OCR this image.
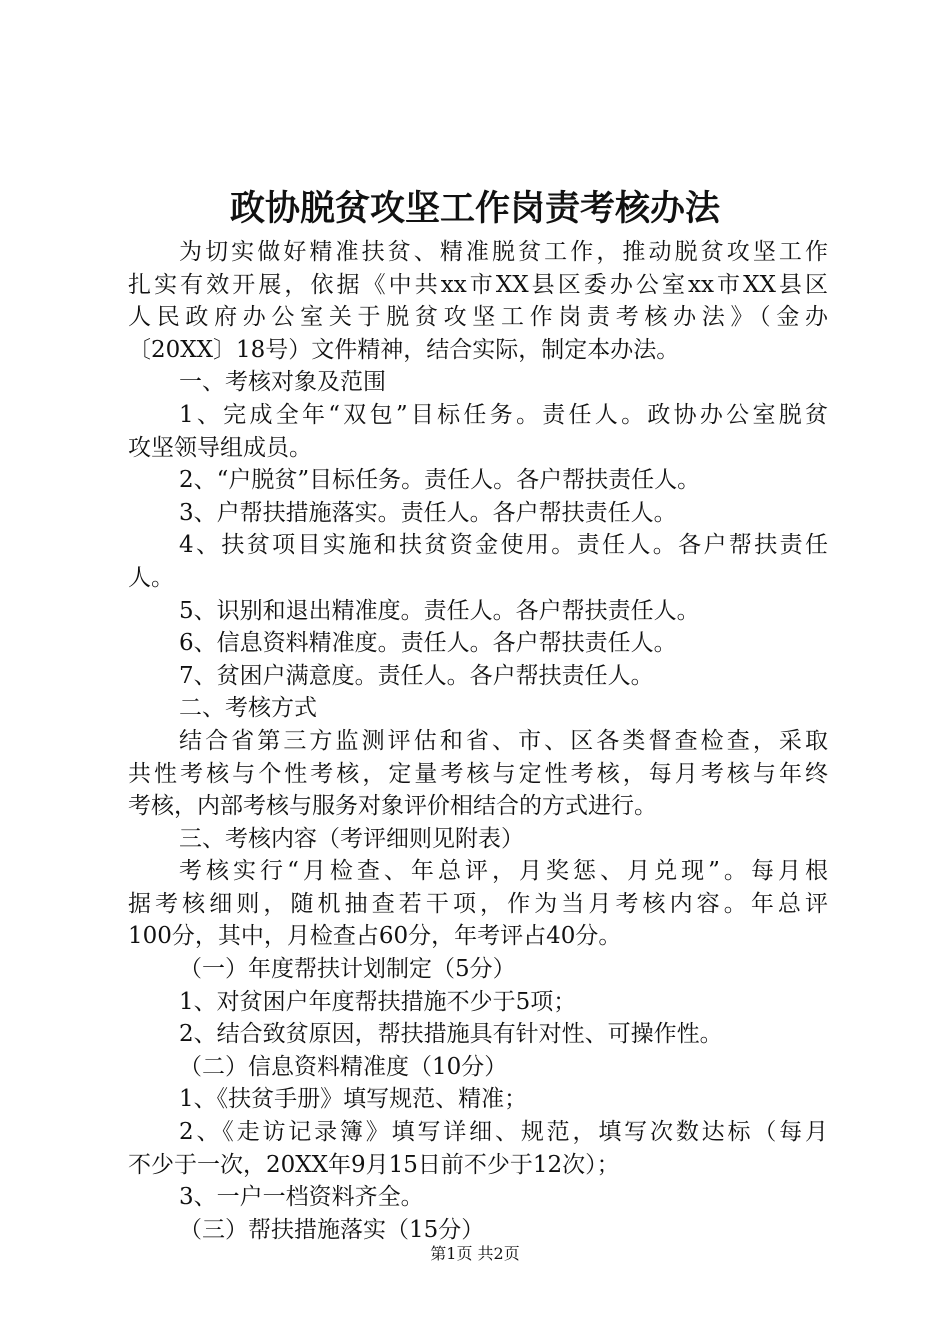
政协脱贫攻坚工作岗责考核办法
为切实做好精准扶贫、精准脱贫工作，推动脱贫攻坚工作
扎实有效开展，依据《中共xx市XX县区委办公室xx市XX县区
人民政府办公室关于脱贫攻坚工作岗责考核办法》（金办
〔20XX〕18号）文件精神，结合实际，制定本办法。
一、考核对象及范围
1、完成全年“双包”目标任务。责任人。政协办公室脱贫
攻坚领导组成员。
2、“户脱贫”目标任务。责任人。各户帮扶责任人。
3、户帮扶措施落实。责任人。各户帮扶责任人。
4、扶贫项目实施和扶贫资金使用。责任人。各户帮扶责任
人。
5、识别和退出精准度。责任人。各户帮扶责任人。
6、信息资料精准度。责任人。各户帮扶责任人。
7、贫困户满意度。责任人。各户帮扶责任人。
二、考核方式
结合省第三方监测评估和省、市、区各类督查检查，采取
共性考核与个性考核，定量考核与定性考核，每月考核与年终
考核，内部考核与服务对象评价相结合的方式进行。
三、考核内容（考评细则见附表）
考核实行“月检查、年总评，月奖惩、月兑现”。每月根
据考核细则，随机抽查若干项，作为当月考核内容。年总评
100分，其中，月检查占60分，年考评占40分。
（一）年度帮扶计划制定（5分）
1、对贫困户年度帮扶措施不少于5项；
2、结合致贫原因，帮扶措施具有针对性、可操作性。
（二）信息资料精准度（10分）
1、《扶贫手册》填写规范、精准；
2、《走访记录簿》填写详细、规范，填写次数达标（每月
不少于一次，20XX年9月15日前不少于12次）；
3、一户一档资料齐全。
（三）帮扶措施落实（15分）
第1页 共2页
